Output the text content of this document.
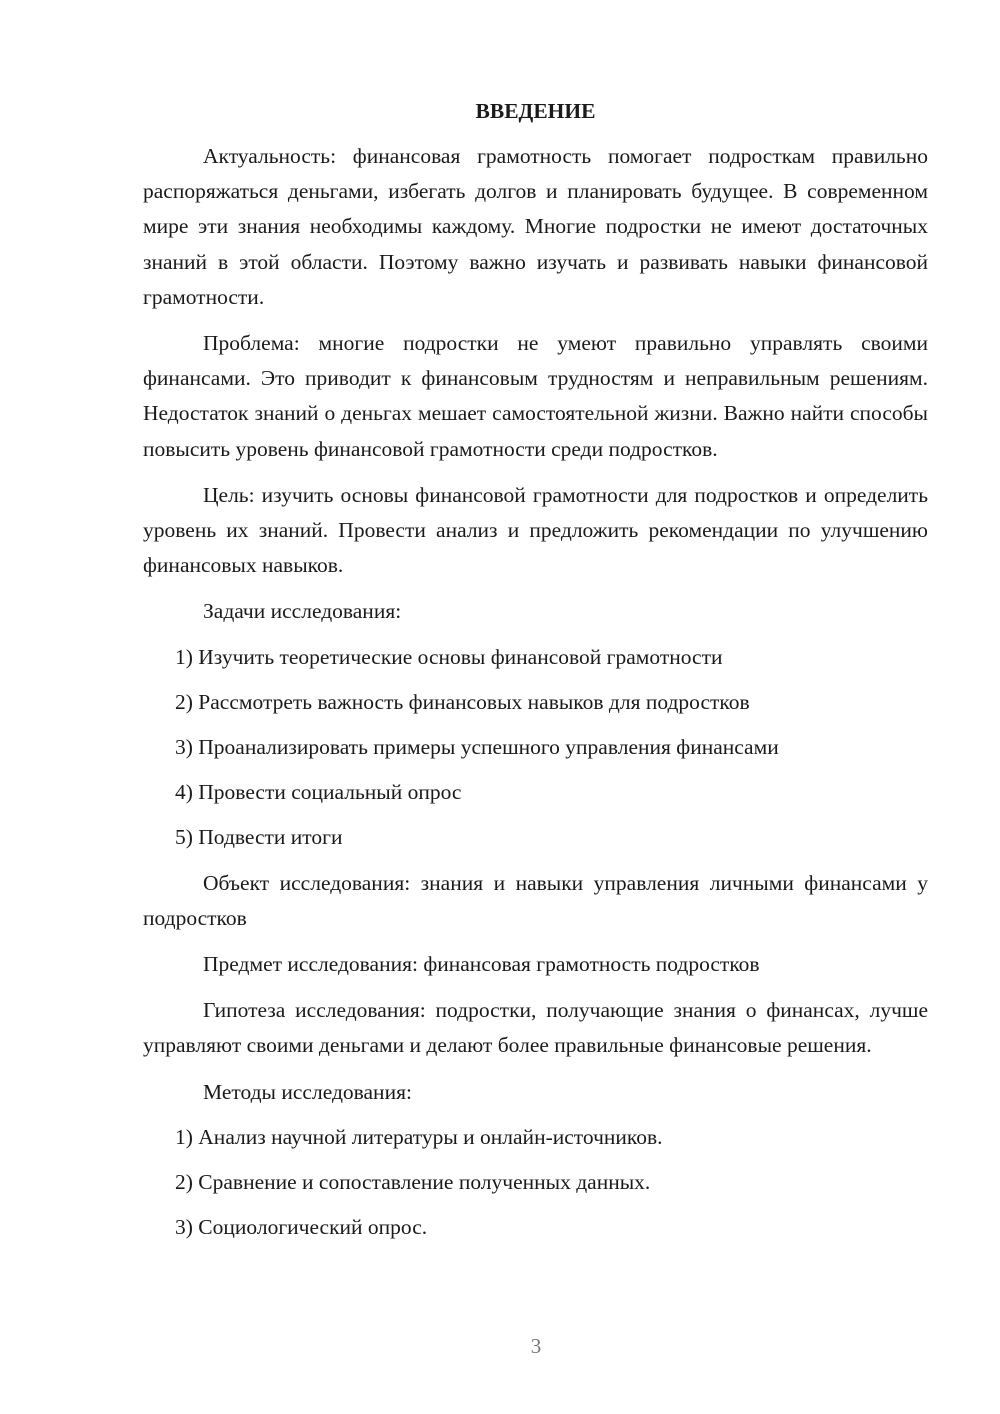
ВВЕДЕНИЕ

Актуальность: финансовая грамотность помогает подросткам правильно распоряжаться деньгами, избегать долгов и планировать будущее. В современном мире эти знания необходимы каждому. Многие подростки не имеют достаточных знаний в этой области. Поэтому важно изучать и развивать навыки финансовой грамотности.

Проблема: многие подростки не умеют правильно управлять своими финансами. Это приводит к финансовым трудностям и неправильным решениям. Недостаток знаний о деньгах мешает самостоятельной жизни. Важно найти способы повысить уровень финансовой грамотности среди подростков.

Цель: изучить основы финансовой грамотности для подростков и определить уровень их знаний. Провести анализ и предложить рекомендации по улучшению финансовых навыков.

Задачи исследования:
1) Изучить теоретические основы финансовой грамотности
2) Рассмотреть важность финансовых навыков для подростков
3) Проанализировать примеры успешного управления финансами
4) Провести социальный опрос
5) Подвести итоги

Объект исследования: знания и навыки управления личными финансами у подростков

Предмет исследования: финансовая грамотность подростков

Гипотеза исследования: подростки, получающие знания о финансах, лучше управляют своими деньгами и делают более правильные финансовые решения.

Методы исследования:
1) Анализ научной литературы и онлайн-источников.
2) Сравнение и сопоставление полученных данных.
3) Социологический опрос.
3
